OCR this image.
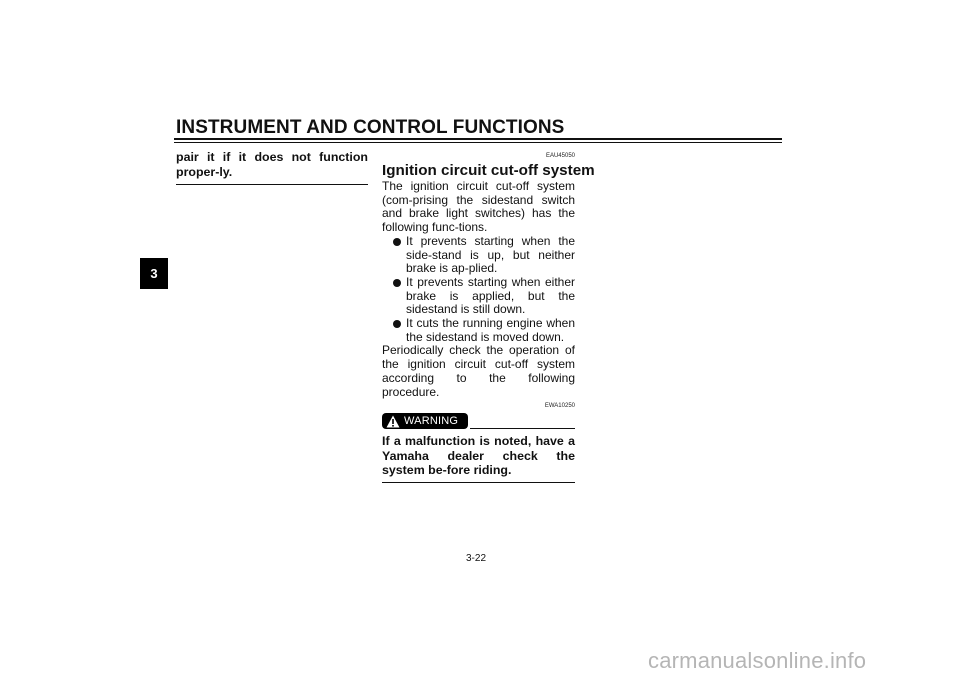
INSTRUMENT AND CONTROL FUNCTIONS
3
pair it if it does not function proper-ly.
EAU45050
Ignition circuit cut-off system
The ignition circuit cut-off system (com-prising the sidestand switch and brake light switches) has the following func-tions.
It prevents starting when the side-stand is up, but neither brake is ap-plied.
It prevents starting when either brake is applied, but the sidestand is still down.
It cuts the running engine when the sidestand is moved down.
Periodically check the operation of the ignition circuit cut-off system according to the following procedure.
EWA10250
WARNING
If a malfunction is noted, have a Yamaha dealer check the system be-fore riding.
3-22
carmanualsonline.info
